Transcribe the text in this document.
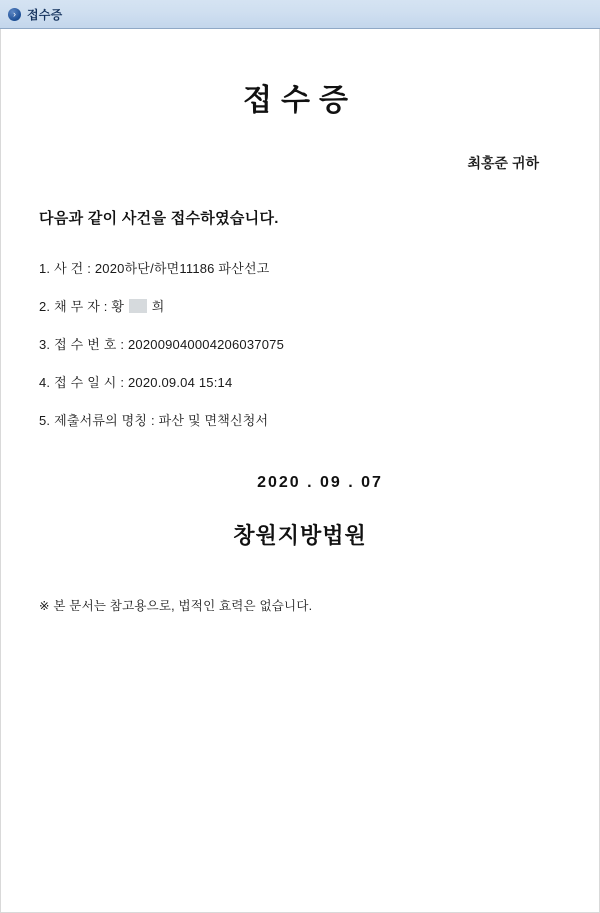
› 접수증
접수증
최홍준 귀하
다음과 같이 사건을 접수하였습니다.
1. 사 건 : 2020하단/하면11186 파산선고
2. 채 무 자 : 황 희
3. 접 수 번 호 : 202009040004206037075
4. 접 수 일 시 : 2020.09.04 15:14
5. 제출서류의 명칭 : 파산 및 면책신청서
2020 . 09 . 07
창원지방법원
※ 본 문서는 참고용으로, 법적인 효력은 없습니다.
